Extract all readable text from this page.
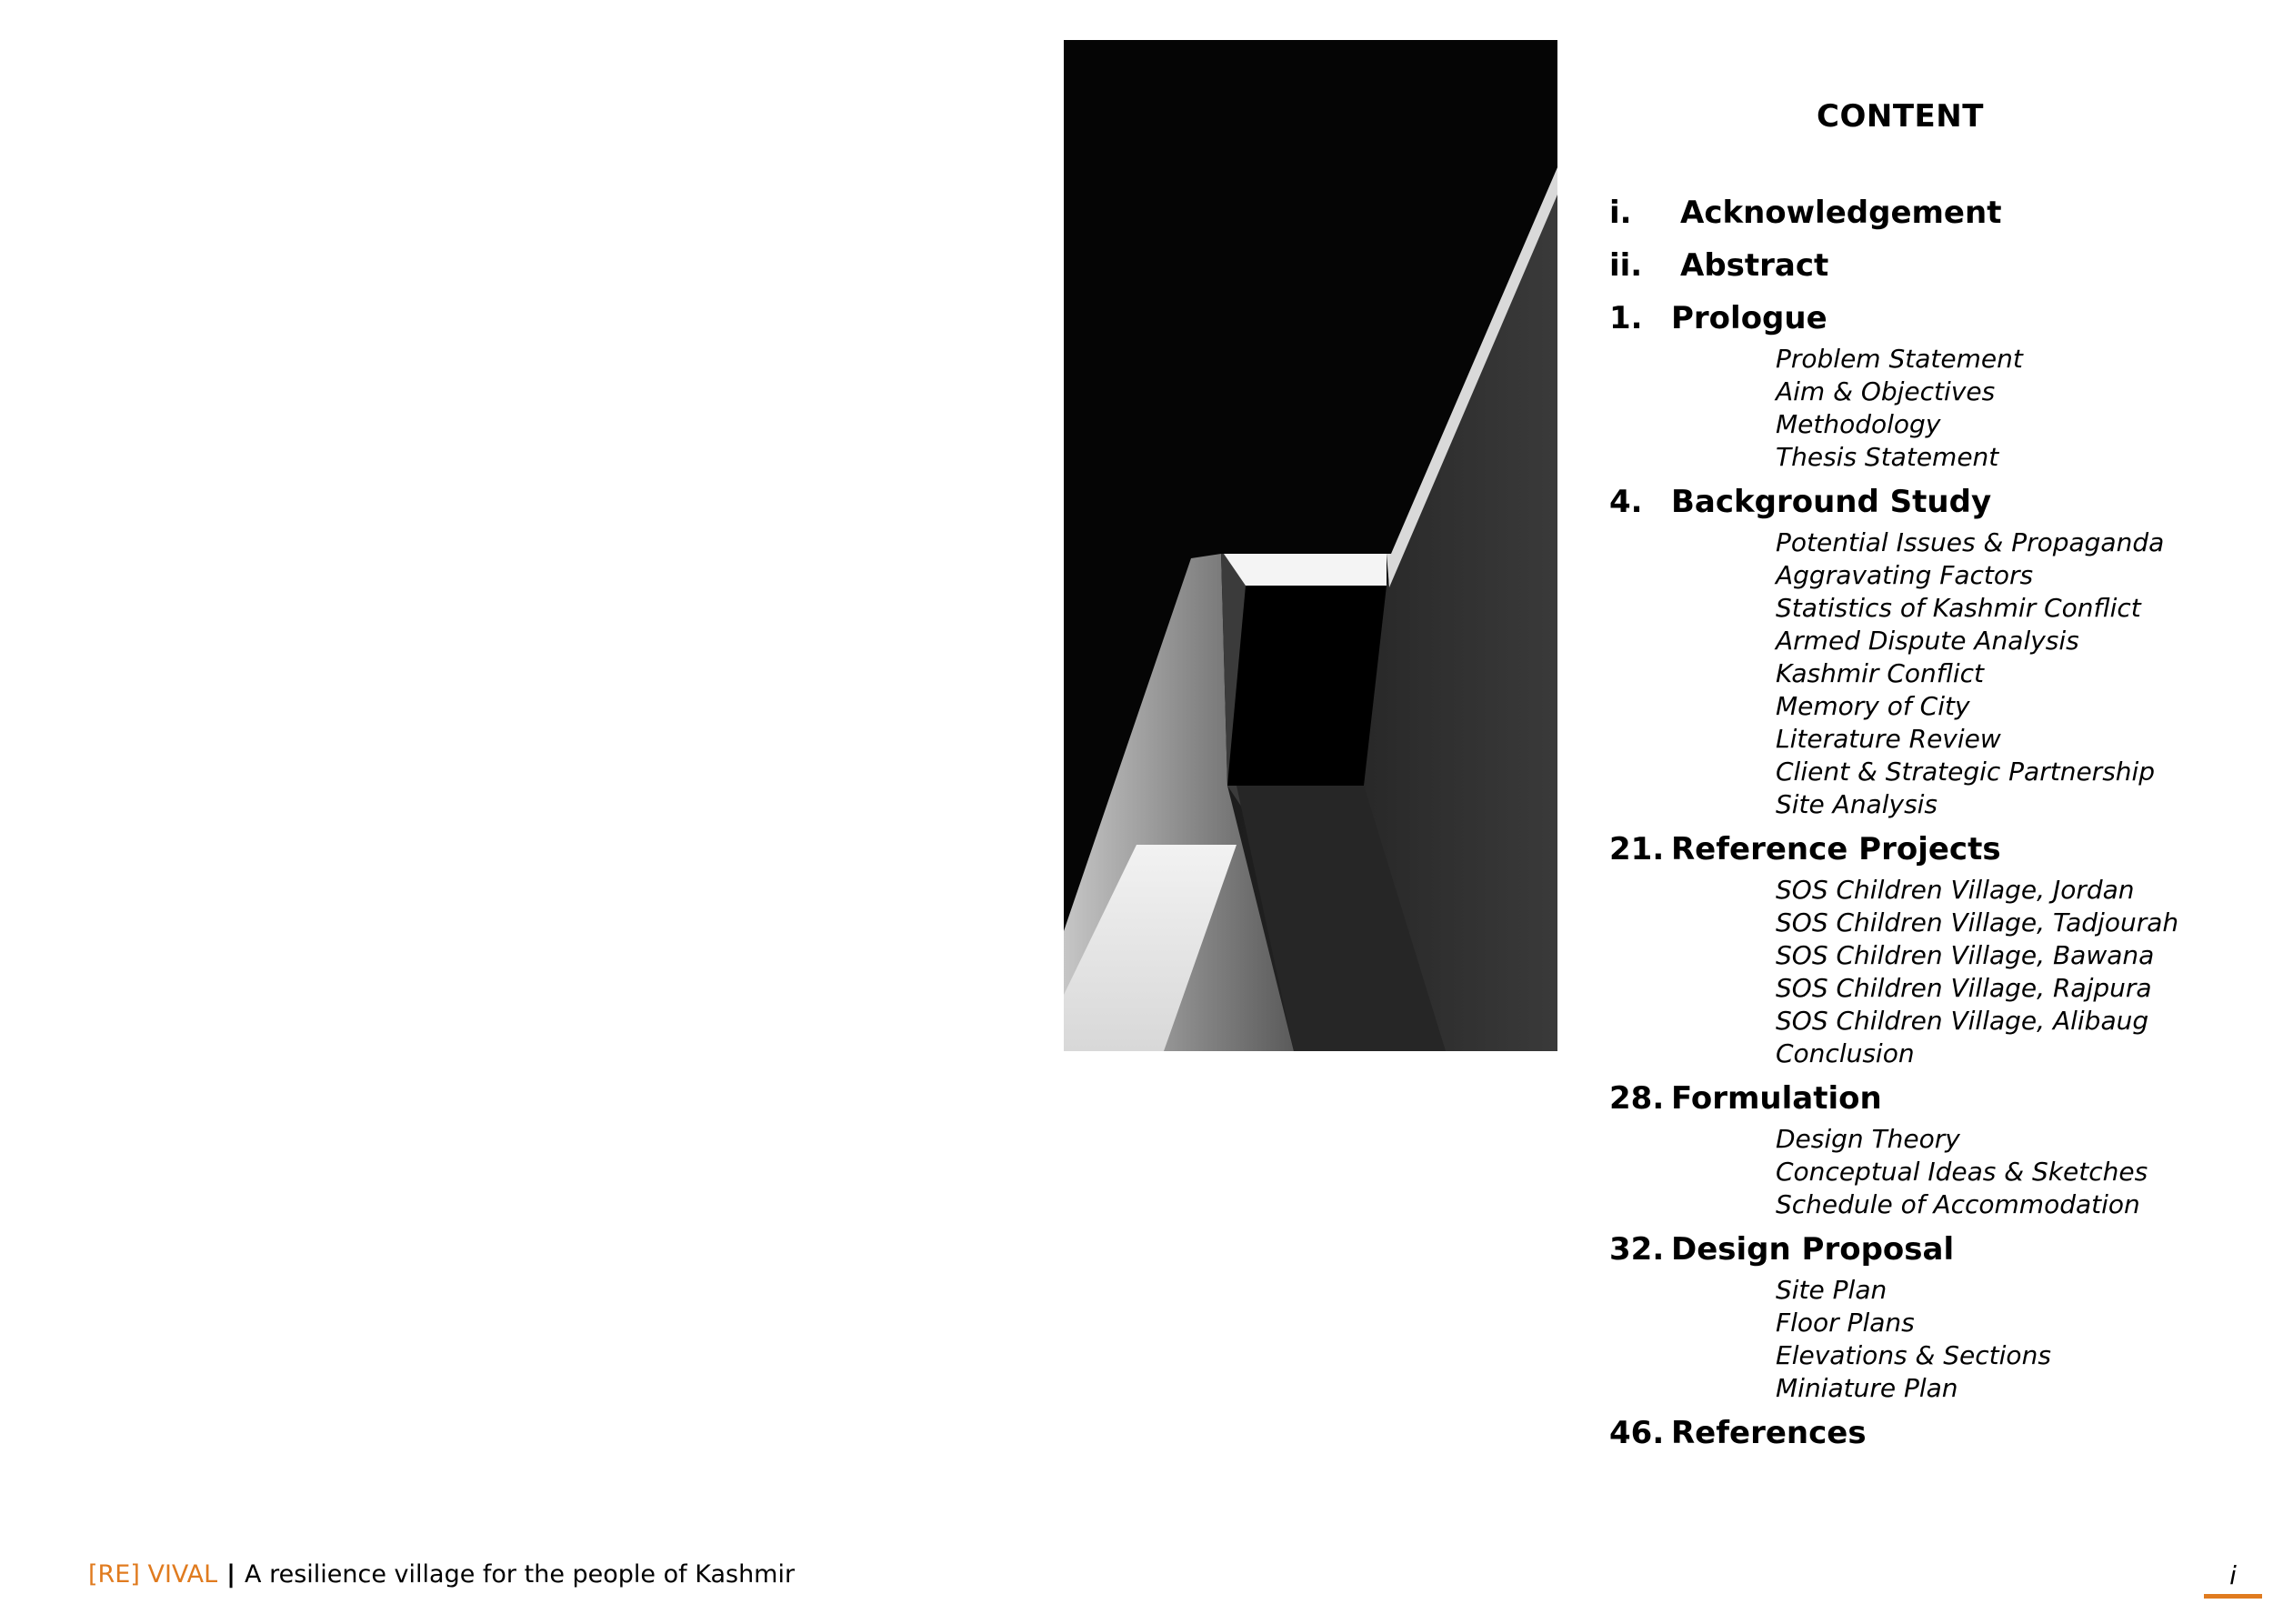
CONTENT
i.	Acknowledgement
ii.	Abstract
1. Prologue
Problem Statement
Aim & Objectives
Methodology
Thesis Statement
4. Background Study
Potential Issues & Propaganda
Aggravating Factors
Statistics of Kashmir Conflict
Armed Dispute Analysis
Kashmir Conflict
Memory of City
Literature Review
Client & Strategic Partnership
Site Analysis
21. Reference Projects
SOS Children Village, Jordan
SOS Children Village, Tadjourah
SOS Children Village, Bawana
SOS Children Village, Rajpura
SOS Children Village, Alibaug
Conclusion
28. Formulation
Design Theory
Conceptual Ideas & Sketches
Schedule of Accommodation
32. Design Proposal
Site Plan
Floor Plans
Elevations & Sections
Miniature Plan
46. References
[RE] VIVAL | A resilience village for the people of Kashmir	i
